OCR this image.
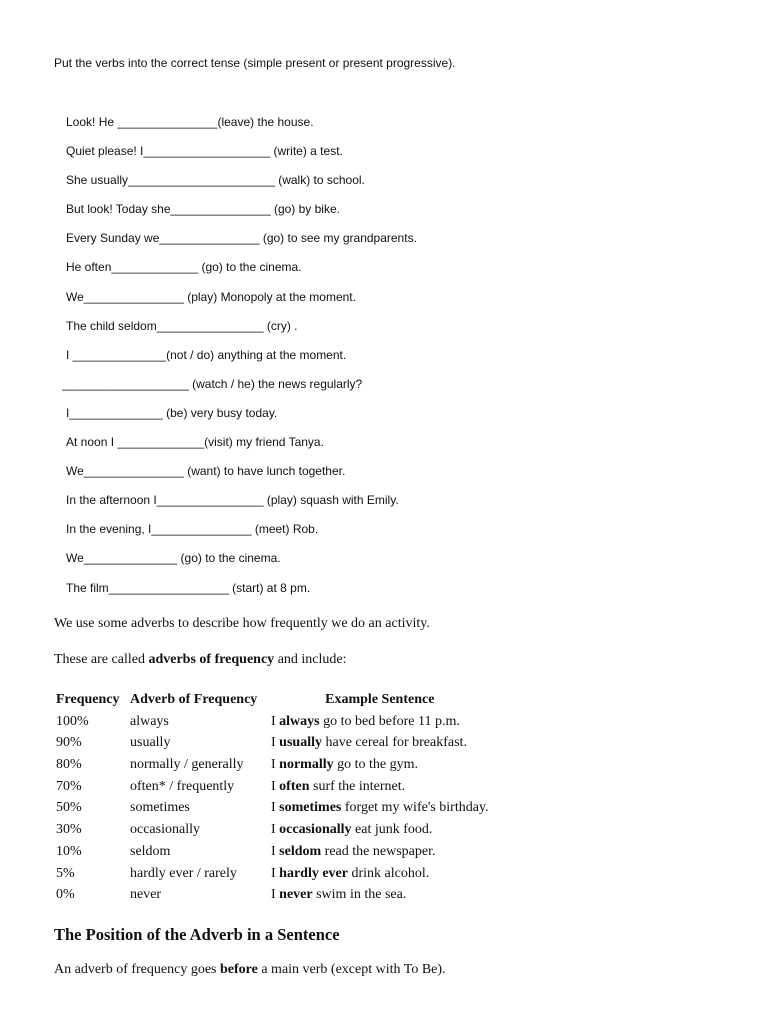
Put the verbs into the correct tense (simple present or present progressive).
Look! He _______________(leave) the house.
Quiet please! I___________________ (write) a test.
She usually______________________ (walk) to school.
But look! Today she_______________ (go) by bike.
Every Sunday we_______________ (go) to see my grandparents.
He often_____________ (go) to the cinema.
We_______________ (play) Monopoly at the moment.
The child seldom________________ (cry) .
I ______________(not / do) anything at the moment.
___________________ (watch / he) the news regularly?
I______________ (be) very busy today.
At noon I _____________(visit) my friend Tanya.
We_______________ (want) to have lunch together.
In the afternoon I________________ (play) squash with Emily.
In the evening, I_______________ (meet) Rob.
We______________ (go) to the cinema.
The film__________________ (start) at 8 pm.
We use some adverbs to describe how frequently we do an activity.
These are called adverbs of frequency and include:
Frequency	Adverb of Frequency	Example Sentence
100%	always	I always go to bed before 11 p.m.
90%	usually	I usually have cereal for breakfast.
80%	normally / generally	I normally go to the gym.
70%	often* / frequently	I often surf the internet.
50%	sometimes	I sometimes forget my wife's birthday.
30%	occasionally	I occasionally eat junk food.
10%	seldom	I seldom read the newspaper.
5%	hardly ever / rarely	I hardly ever drink alcohol.
0%	never	I never swim in the sea.
The Position of the Adverb in a Sentence
An adverb of frequency goes before a main verb (except with To Be).
